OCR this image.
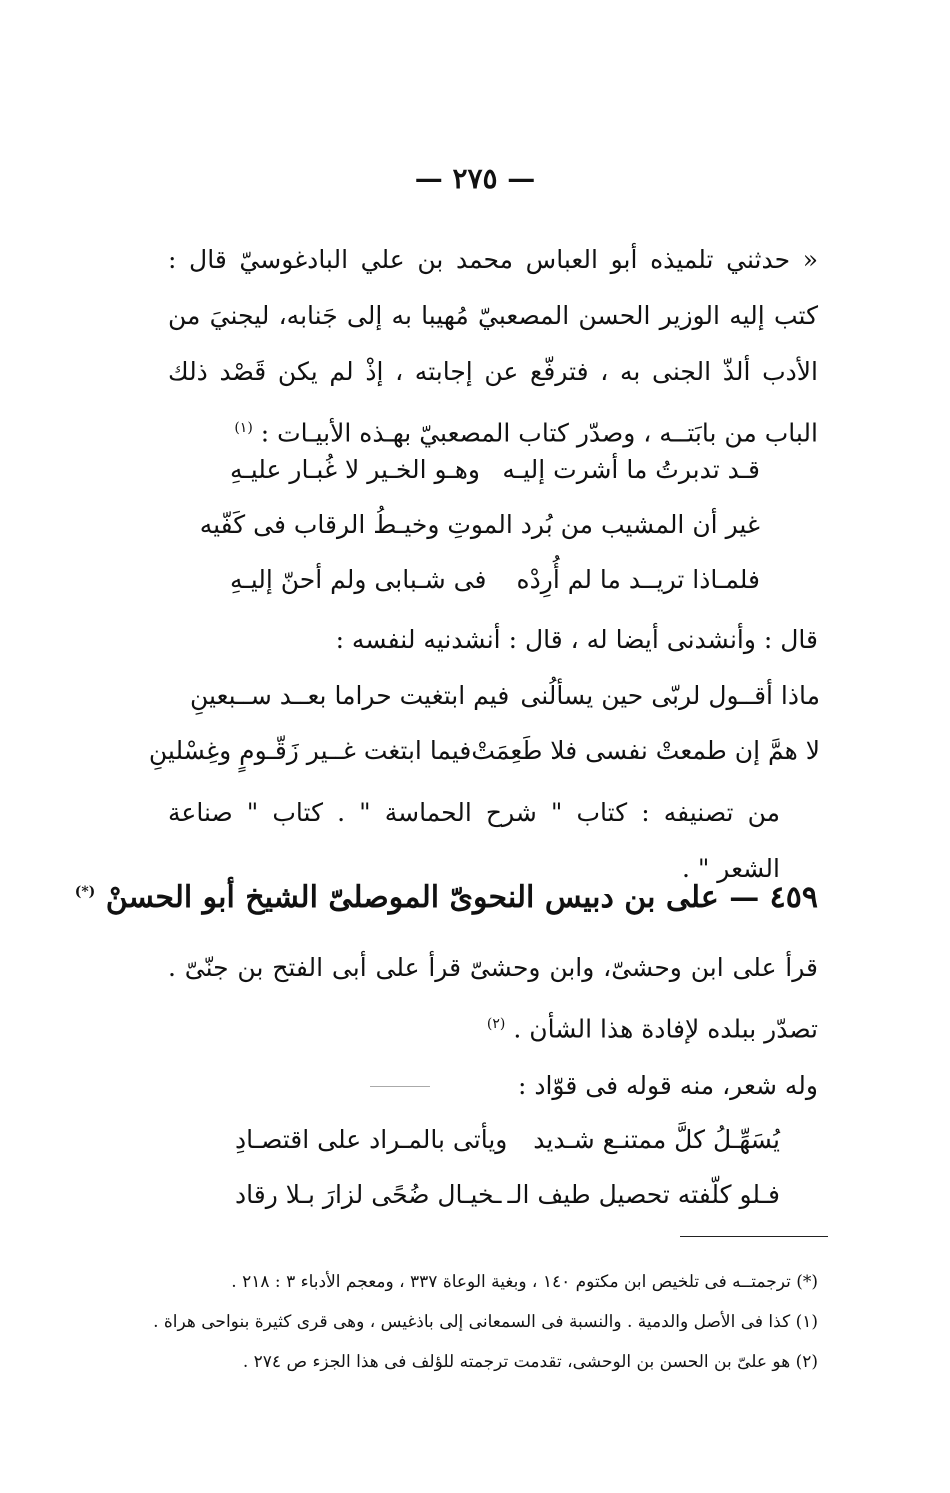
— ٢٧٥ —

« حدثني تلميذه أبو العباس محمد بن علي البادغوسيّ قال : كتب إليه الوزير الحسن المصعبيّ مُهيبا به إلى جَنابه، ليجنيَ من الأدب ألذّ الجنى به ، فترفّع عن إجابته ، إذْ لم يكن قَصْد ذلك الباب من بابَتــه ، وصدّر كتاب المصعبيّ بهـذه الأبيـات : $^{(١)}$

قـد تدبرتُ ما أشرت إليـه
وهـو الخـير لا غُبـار عليـهِ
غير أن المشيب من بُرد المو
تِ وخيـطُ الرقاب فى كَفّيه
فلمـاذا تريــد ما لم أُرِدْه
فى شـبابى ولم أحنّ إليـهِ

قال : وأنشدنى أيضا له ، قال : أنشدنيه لنفسه :

ماذا أقــول لربّى حين يسألُنى
فيم ابتغيت حراما بعــد ســبعينِ
لا همَّ إن طمعتْ نفسى فلا طَعِمَتْ
فيما ابتغت غــير زَقّـومٍ وغِسْلينِ

من تصنيفه : كتاب " شرح الحماسة " . كتاب " صناعة الشعر " .

٤٥٩ — على بن دبيس النحوىّ الموصلىّ الشيخ أبو الحسنْ (*)

قرأ على ابن وحشىّ، وابن وحشىّ قرأ على أبى الفتح بن جنّىّ . تصدّر ببلده لإفادة هذا الشأن . $^{(٢)}$

وله شعر، منه قوله فى قوّاد :

يُسَهِّـلُ كلَّ ممتنـع شـديد
ويأتى بالمـراد على اقتصـادِ
فـلو كلّفته تحصيل طيف الـ
ـخيـال ضُحًى لزارَ بـلا رقاد

(*) ترجمتــه فى تلخيص ابن مكتوم ١٤٠ ، وبغية الوعاة ٣٣٧ ، ومعجم الأدباء ٣ : ٢١٨ .

(١) كذا فى الأصل والدمية . والنسبة فى السمعانى إلى باذغيس ، وهى قرى كثيرة بنواحى هراة .

(٢) هو علىّ بن الحسن بن الوحشى، تقدمت ترجمته للؤلف فى هذا الجزء ص ٢٧٤ .
